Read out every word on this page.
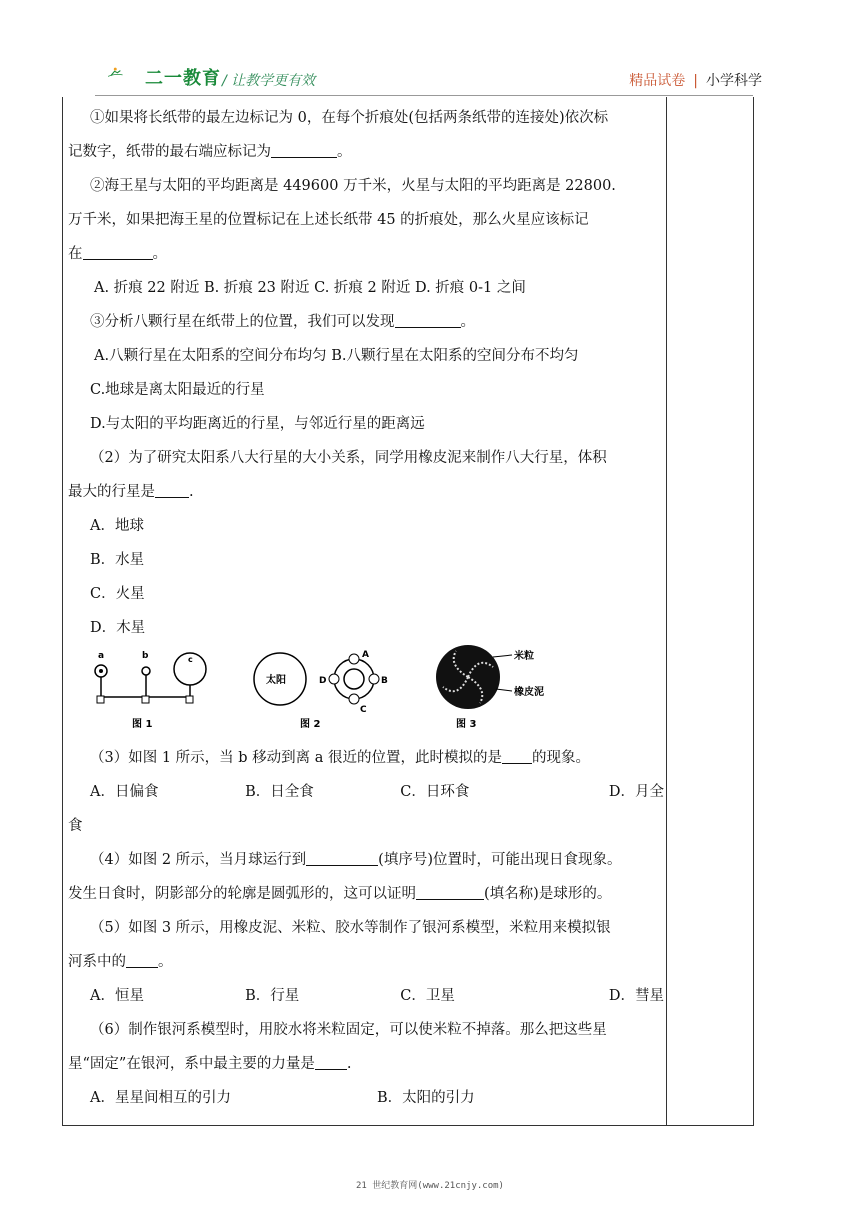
二一教育 / 让教学更有效	精品试卷 | 小学科学

①如果将长纸带的最左边标记为 0，在每个折痕处(包括两条纸带的连接处)依次标

记数字，纸带的最右端应标记为	。

②海王星与太阳的平均距离是 449600 万千米，火星与太阳的平均距离是 22800.

万千米，如果把海王星的位置标记在上述长纸带 45 的折痕处，那么火星应该标记

在	。

A. 折痕 22 附近 B. 折痕 23 附近 C. 折痕 2 附近 D. 折痕 0-1 之间

③分析八颗行星在纸带上的位置，我们可以发现	。

A.八颗行星在太阳系的空间分布均匀 B.八颗行星在太阳系的空间分布不均匀

C.地球是离太阳最近的行星

D.与太阳的平均距离近的行星，与邻近行星的距离远

（2）为了研究太阳系八大行星的大小关系，同学用橡皮泥来制作八大行星，体积

最大的行星是 .

A．地球

B．水星

C．火星

D．木星

a	b	c
图 1
太阳
A
B
C
D
图 2
米粒
橡皮泥
图 3

（3）如图 1 所示，当 b 移动到离 a 很近的位置，此时模拟的是 的现象。

A．日偏食	B．日全食	C．日环食	D．月全

食

（4）如图 2 所示，当月球运行到	(填序号)位置时，可能出现日食现象。

发生日食时，阴影部分的轮廓是圆弧形的，这可以证明	(填名称)是球形的。

（5）如图 3 所示，用橡皮泥、米粒、胶水等制作了银河系模型，米粒用来模拟银

河系中的 。

A．恒星	B．行星	C．卫星	D．彗星

（6）制作银河系模型时，用胶水将米粒固定，可以使米粒不掉落。那么把这些星

星“固定”在银河，系中最主要的力量是 .

A．星星间相互的引力	B．太阳的引力
21 世纪教育网(www.21cnjy.com)
